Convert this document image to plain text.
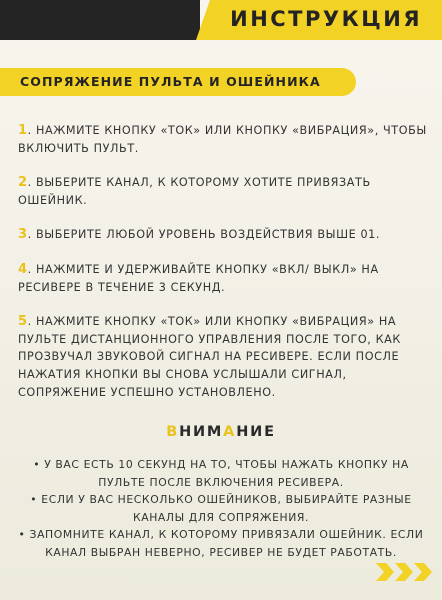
ИНСТРУКЦИЯ
СОПРЯЖЕНИЕ ПУЛЬТА И ОШЕЙНИКА

1. НАЖМИТЕ КНОПКУ «ТОК» ИЛИ КНОПКУ «ВИБРАЦИЯ», ЧТОБЫ ВКЛЮЧИТЬ ПУЛЬТ.

2. ВЫБЕРИТЕ КАНАЛ, К КОТОРОМУ ХОТИТЕ ПРИВЯЗАТЬ ОШЕЙНИК.

3. ВЫБЕРИТЕ ЛЮБОЙ УРОВЕНЬ ВОЗДЕЙСТВИЯ ВЫШЕ 01.

4. НАЖМИТЕ И УДЕРЖИВАЙТЕ КНОПКУ «ВКЛ/ ВЫКЛ» НА РЕСИВЕРЕ В ТЕЧЕНИЕ 3 СЕКУНД.

5. НАЖМИТЕ КНОПКУ «ТОК» ИЛИ КНОПКУ «ВИБРАЦИЯ» НА ПУЛЬТЕ ДИСТАНЦИОННОГО УПРАВЛЕНИЯ ПОСЛЕ ТОГО, КАК ПРОЗВУЧАЛ ЗВУКОВОЙ СИГНАЛ НА РЕСИВЕРЕ. ЕСЛИ ПОСЛЕ НАЖАТИЯ КНОПКИ ВЫ СНОВА УСЛЫШАЛИ СИГНАЛ, СОПРЯЖЕНИЕ УСПЕШНО УСТАНОВЛЕНО.

ВНИМАНИЕ

• У ВАС ЕСТЬ 10 СЕКУНД НА ТО, ЧТОБЫ НАЖАТЬ КНОПКУ НА ПУЛЬТЕ ПОСЛЕ ВКЛЮЧЕНИЯ РЕСИВЕРА.

• ЕСЛИ У ВАС НЕСКОЛЬКО ОШЕЙНИКОВ, ВЫБИРАЙТЕ РАЗНЫЕ КАНАЛЫ ДЛЯ СОПРЯЖЕНИЯ.

• ЗАПОМНИТЕ КАНАЛ, К КОТОРОМУ ПРИВЯЗАЛИ ОШЕЙНИК. ЕСЛИ КАНАЛ ВЫБРАН НЕВЕРНО, РЕСИВЕР НЕ БУДЕТ РАБОТАТЬ.
